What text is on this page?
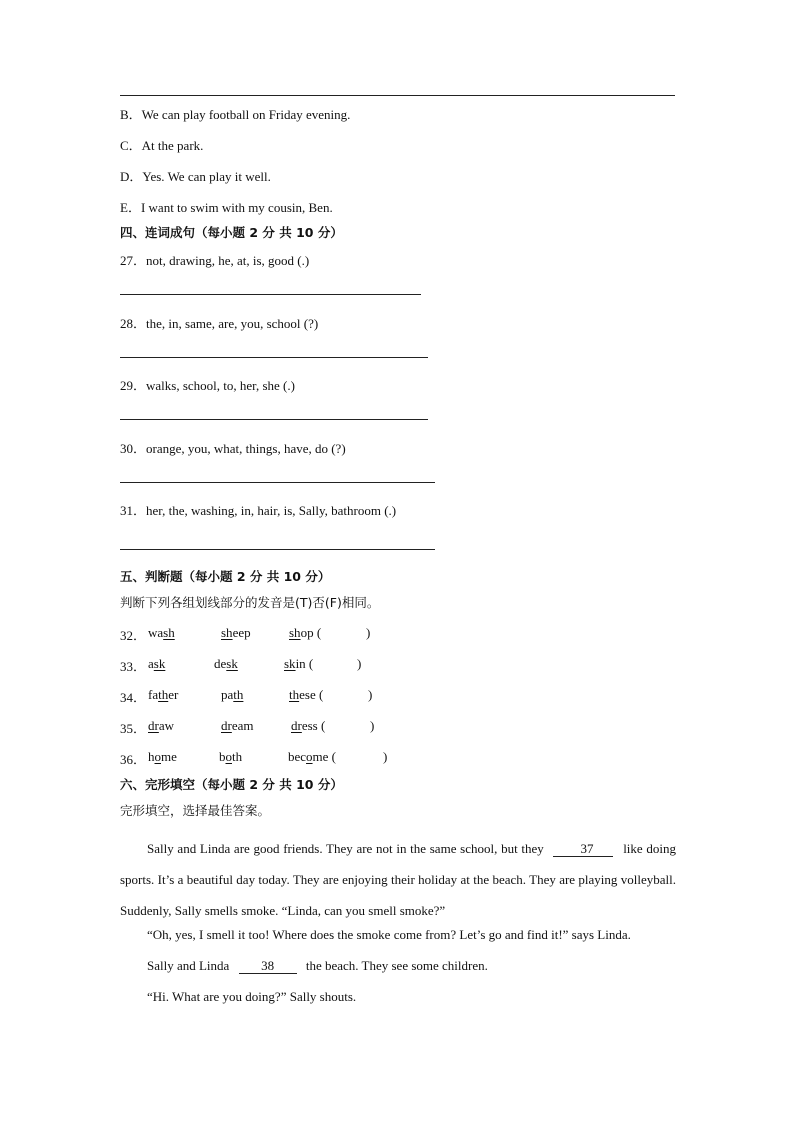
B．We can play football on Friday evening.
C．At the park.
D．Yes. We can play it well.
E．I want to swim with my cousin, Ben.
四、连词成句（每小题 2 分 共 10 分）
27．not, drawing, he, at, is, good (.)
28．the, in, same, are, you, school (?)
29．walks, school, to, her, she (.)
30．orange, you, what, things, have, do (?)
31．her, the, washing, in, hair, is, Sally, bathroom (.)
五、判断题（每小题 2 分 共 10 分）
判断下列各组划线部分的发音是(T)否(F)相同。
32． wash	sheep	shop (	)
33． ask	desk	skin (	)
34． father	path	these (	)
35． draw	dream	dress (	)
36． home	both	become (	)
六、完形填空（每小题 2 分 共 10 分）
完形填空，选择最佳答案。
Sally and Linda are good friends. They are not in the same school, but they	37 like doing sports. It’s a beautiful day today. They are enjoying their holiday at the beach. They are playing volleyball. Suddenly, Sally smells smoke. “Linda, can you smell smoke?”
“Oh, yes, I smell it too! Where does the smoke come from? Let’s go and find it!” says Linda.
Sally and Linda 38 the beach. They see some children.
“Hi. What are you doing?” Sally shouts.
